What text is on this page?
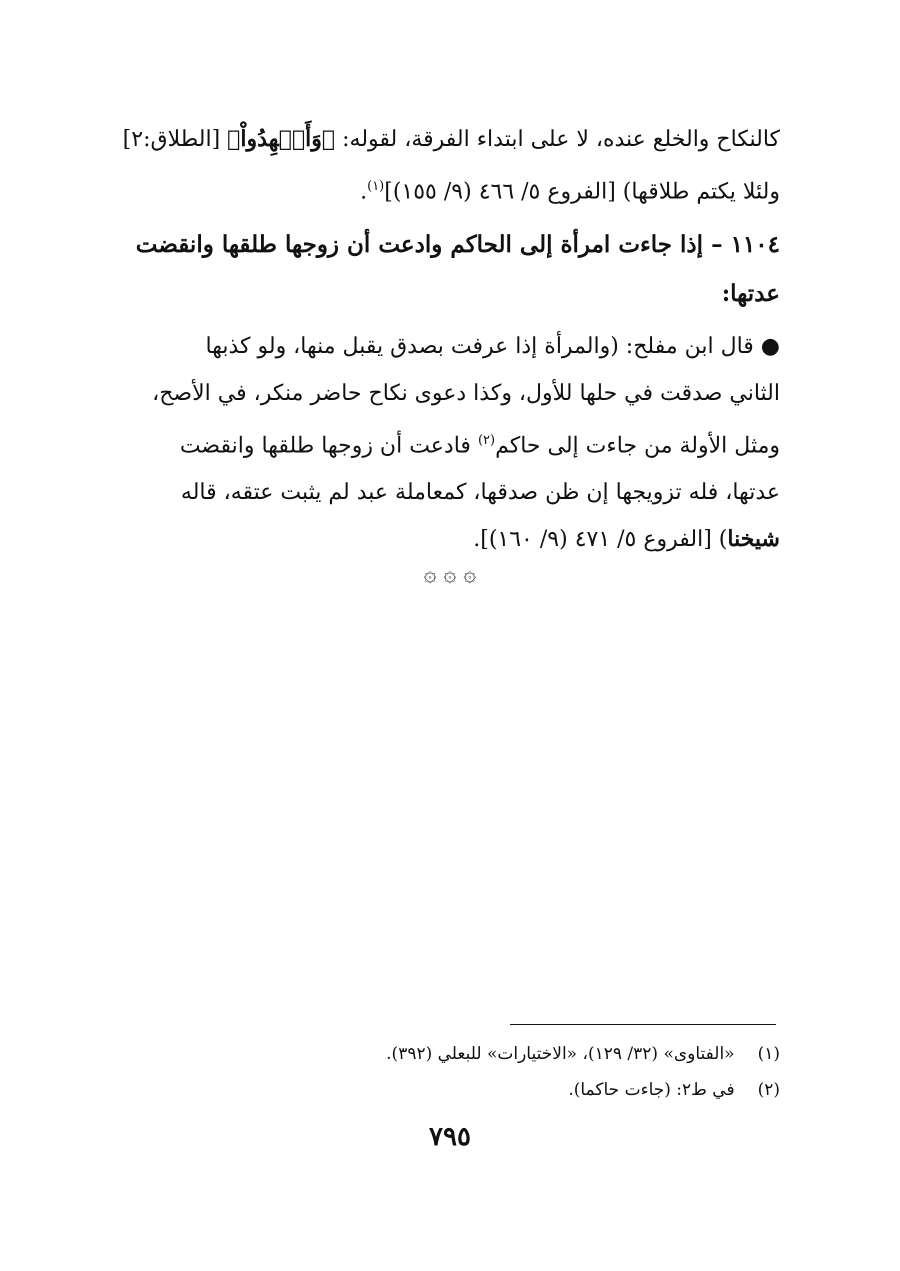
كالنكاح والخلع عنده، لا على ابتداء الفرقة، لقوله: ﴿وَأَشۡهِدُواْ﴾ [الطلاق:٢]
ولئلا يكتم طلاقها) [الفروع ٥/ ٤٦٦ (٩/ ١٥٥)]$^{(١)}$.
١١٠٤ – إذا جاءت امرأة إلى الحاكم وادعت أن زوجها طلقها وانقضت
عدتها:
● قال ابن مفلح: (والمرأة إذا عرفت بصدق يقبل منها، ولو كذبها
الثاني صدقت في حلها للأول، وكذا دعوى نكاح حاضر منكر، في الأصح،
ومثل الأولة من جاءت إلى حاكم$^{(٢)}$ فادعت أن زوجها طلقها وانقضت
عدتها، فله تزويجها إن ظن صدقها، كمعاملة عبد لم يثبت عتقه، قاله
شيخنا) [الفروع ٥/ ٤٧١ (٩/ ١٦٠)].
۞ ۞ ۞
(١) «الفتاوى» (٣٢/ ١٢٩)، «الاختيارات» للبعلي (٣٩٢).
(٢) في ط٢: (جاءت حاكما).
٧٩٥
